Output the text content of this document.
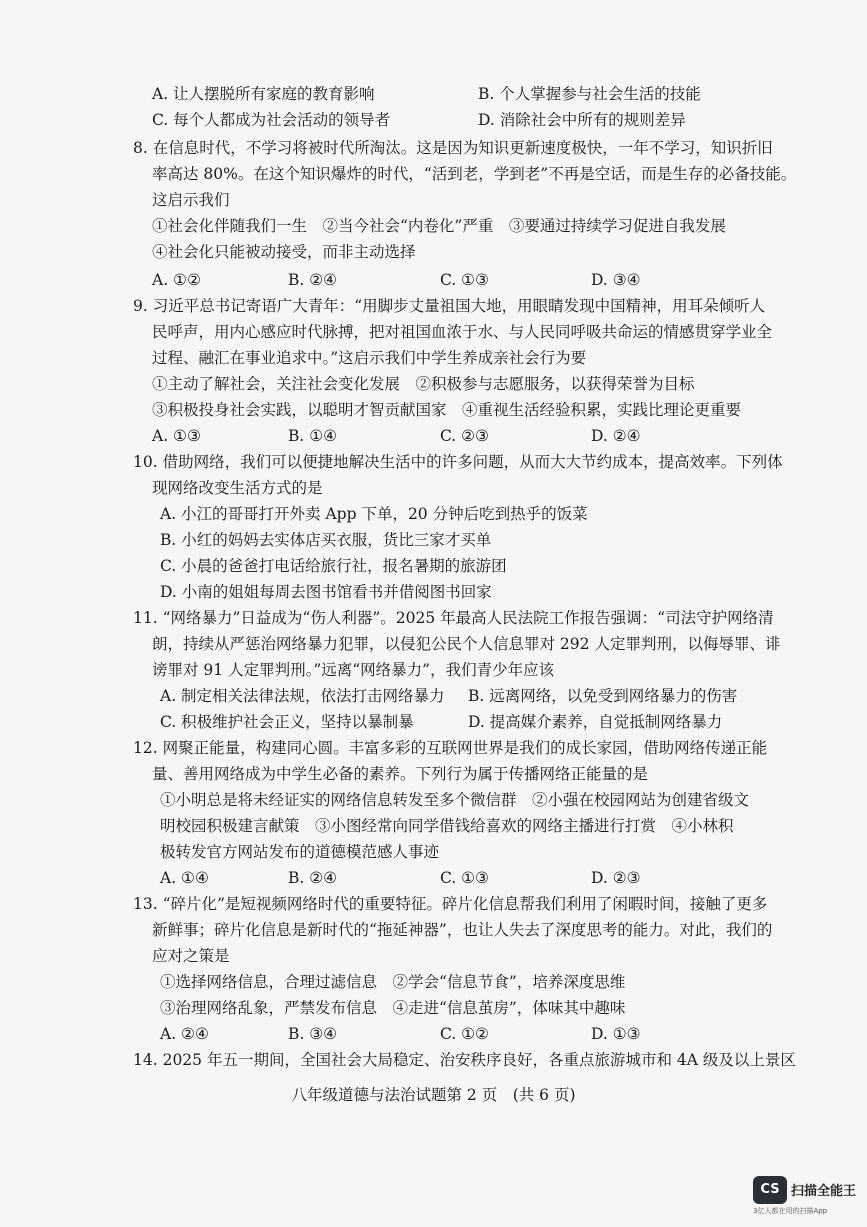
A. 让人摆脱所有家庭的教育影响	B. 个人掌握参与社会生活的技能
C. 每个人都成为社会活动的领导者	D. 消除社会中所有的规则差异
8. 在信息时代，不学习将被时代所淘汰。这是因为知识更新速度极快，一年不学习，知识折旧
率高达 80%。在这个知识爆炸的时代，“活到老，学到老”不再是空话，而是生存的必备技能。
这启示我们
①社会化伴随我们一生　②当今社会“内卷化”严重　③要通过持续学习促进自我发展
④社会化只能被动接受，而非主动选择
A. ①②	B. ②④	C. ①③	D. ③④
9. 习近平总书记寄语广大青年：“用脚步丈量祖国大地，用眼睛发现中国精神，用耳朵倾听人
民呼声，用内心感应时代脉搏，把对祖国血浓于水、与人民同呼吸共命运的情感贯穿学业全
过程、融汇在事业追求中。”这启示我们中学生养成亲社会行为要
①主动了解社会，关注社会变化发展　②积极参与志愿服务，以获得荣誉为目标
③积极投身社会实践，以聪明才智贡献国家　④重视生活经验积累，实践比理论更重要
A. ①③	B. ①④	C. ②③	D. ②④
10. 借助网络，我们可以便捷地解决生活中的许多问题，从而大大节约成本，提高效率。下列体
现网络改变生活方式的是
A. 小江的哥哥打开外卖 App 下单，20 分钟后吃到热乎的饭菜
B. 小红的妈妈去实体店买衣服，货比三家才买单
C. 小晨的爸爸打电话给旅行社，报名暑期的旅游团
D. 小南的姐姐每周去图书馆看书并借阅图书回家
11. “网络暴力”日益成为“伤人利器”。2025 年最高人民法院工作报告强调：“司法守护网络清
朗，持续从严惩治网络暴力犯罪，以侵犯公民个人信息罪对 292 人定罪判刑，以侮辱罪、诽
谤罪对 91 人定罪判刑。”远离“网络暴力”，我们青少年应该
A. 制定相关法律法规，依法打击网络暴力 B. 远离网络，以免受到网络暴力的伤害
C. 积极维护社会正义，坚持以暴制暴	D. 提高媒介素养，自觉抵制网络暴力
12. 网聚正能量，构建同心圆。丰富多彩的互联网世界是我们的成长家园，借助网络传递正能
量、善用网络成为中学生必备的素养。下列行为属于传播网络正能量的是
①小明总是将未经证实的网络信息转发至多个微信群　②小强在校园网站为创建省级文
明校园积极建言献策　③小图经常向同学借钱给喜欢的网络主播进行打赏　④小林积
极转发官方网站发布的道德模范感人事迹
A. ①④	B. ②④	C. ①③	D. ②③
13. “碎片化”是短视频网络时代的重要特征。碎片化信息帮我们利用了闲暇时间，接触了更多
新鲜事；碎片化信息是新时代的“拖延神器”，也让人失去了深度思考的能力。对此，我们的
应对之策是
①选择网络信息，合理过滤信息　②学会“信息节食”，培养深度思维
③治理网络乱象，严禁发布信息　④走进“信息茧房”，体味其中趣味
A. ②④	B. ③④	C. ①②	D. ①③
14. 2025 年五一期间，全国社会大局稳定、治安秩序良好，各重点旅游城市和 4A 级及以上景区
八年级道德与法治试题第 2 页　(共 6 页)
CS 扫描全能王
3亿人都在用的扫描App
